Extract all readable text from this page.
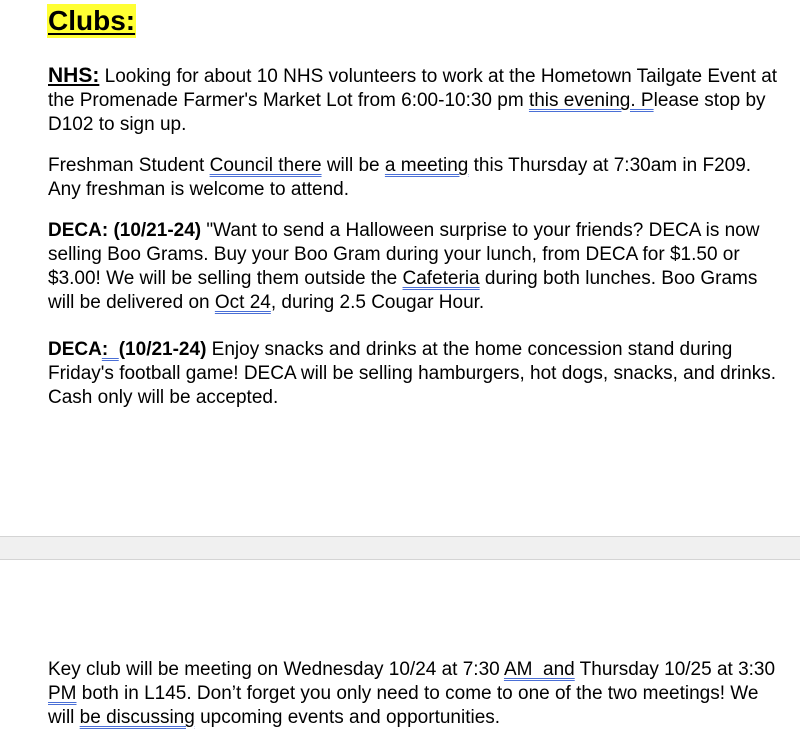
Clubs:

NHS: Looking for about 10 NHS volunteers to work at the Hometown Tailgate Event at the Promenade Farmer's Market Lot from 6:00-10:30 pm this evening. Please stop by D102 to sign up.

Freshman Student Council there will be a meeting this Thursday at 7:30am in F209. Any freshman is welcome to attend.

DECA: (10/21-24) "Want to send a Halloween surprise to your friends? DECA is now selling Boo Grams. Buy your Boo Gram during your lunch, from DECA for $1.50 or $3.00! We will be selling them outside the Cafeteria during both lunches. Boo Grams will be delivered on Oct 24, during 2.5 Cougar Hour.

DECA:  (10/21-24) Enjoy snacks and drinks at the home concession stand during Friday's football game! DECA will be selling hamburgers, hot dogs, snacks, and drinks. Cash only will be accepted.

Key club will be meeting on Wednesday 10/24 at 7:30 AM  and Thursday 10/25 at 3:30 PM both in L145. Don’t forget you only need to come to one of the two meetings! We will be discussing upcoming events and opportunities.
